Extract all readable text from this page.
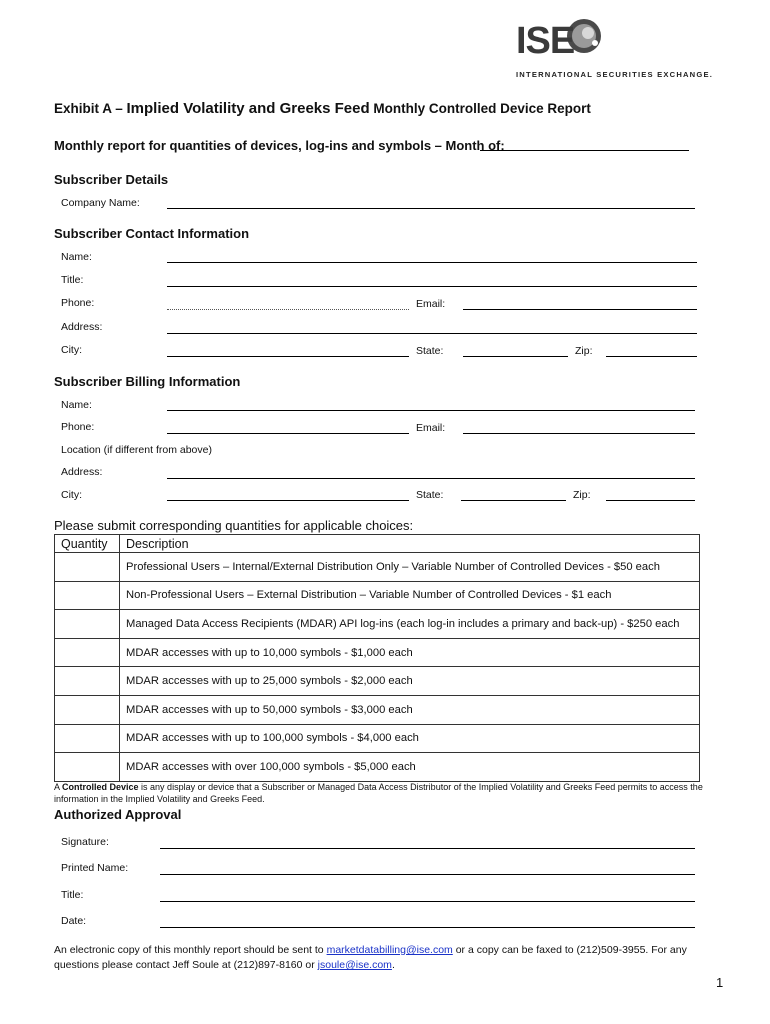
ISE
INTERNATIONAL SECURITIES EXCHANGE.
Exhibit A – Implied Volatility and Greeks Feed Monthly Controlled Device Report
Monthly report for quantities of devices, log-ins and symbols – Month of:
Subscriber Details
Company Name:
Subscriber Contact Information
Name:
Title:
Phone:	Email:
Address:
City:	State:	Zip:
Subscriber Billing Information
Name:
Phone:	Email:
Location (if different from above)
Address:
City:	State:	Zip:
Please submit corresponding quantities for applicable choices:
Quantity	Description
	Professional Users – Internal/External Distribution Only – Variable Number of Controlled Devices - $50 each
	Non-Professional Users – External Distribution – Variable Number of Controlled Devices - $1 each
	Managed Data Access Recipients (MDAR) API log-ins (each log-in includes a primary and back-up) - $250 each
	MDAR accesses with up to 10,000 symbols - $1,000 each
	MDAR accesses with up to 25,000 symbols - $2,000 each
	MDAR accesses with up to 50,000 symbols - $3,000 each
	MDAR accesses with up to 100,000 symbols - $4,000 each
	MDAR accesses with over 100,000 symbols - $5,000 each
A Controlled Device is any display or device that a Subscriber or Managed Data Access Distributor of the Implied Volatility and Greeks Feed permits to access the information in the Implied Volatility and Greeks Feed.
Authorized Approval
Signature:
Printed Name:
Title:
Date:
An electronic copy of this monthly report should be sent to marketdatabilling@ise.com or a copy can be faxed to (212)509-3955. For any questions please contact Jeff Soule at (212)897-8160 or jsoule@ise.com.
1
